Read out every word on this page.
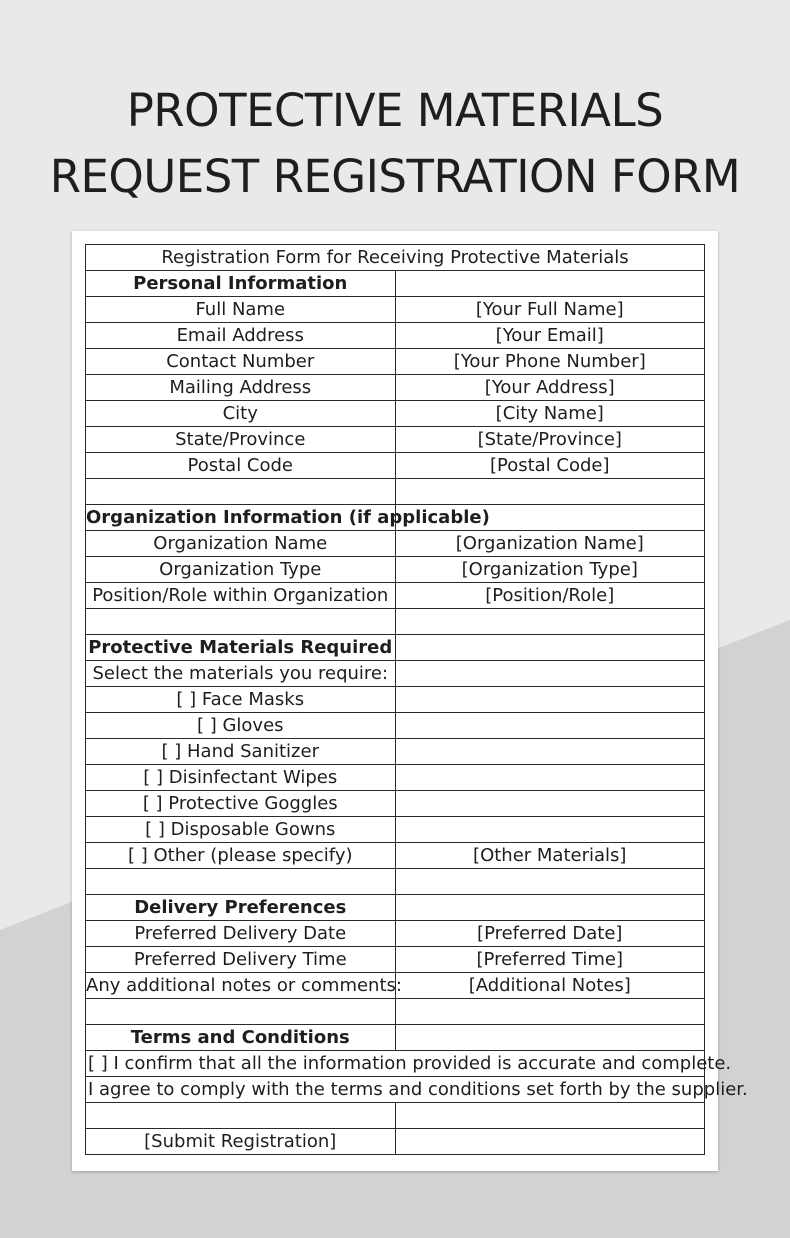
PROTECTIVE MATERIALS
REQUEST REGISTRATION FORM
Registration Form for Receiving Protective Materials	
Personal Information	
Full Name	[Your Full Name]
Email Address	[Your Email]
Contact Number	[Your Phone Number]
Mailing Address	[Your Address]
City	[City Name]
State/Province	[State/Province]
Postal Code	[Postal Code]

Organization Information (if applicable)	
Organization Name	[Organization Name]
Organization Type	[Organization Type]
Position/Role within Organization	[Position/Role]

Protective Materials Required	
Select the materials you require:	
[ ] Face Masks	
[ ] Gloves	
[ ] Hand Sanitizer	
[ ] Disinfectant Wipes	
[ ] Protective Goggles	
[ ] Disposable Gowns	
[ ] Other (please specify)	[Other Materials]

Delivery Preferences	
Preferred Delivery Date	[Preferred Date]
Preferred Delivery Time	[Preferred Time]
Any additional notes or comments:	[Additional Notes]

Terms and Conditions	
[ ] I confirm that all the information provided is accurate and complete.	
I agree to comply with the terms and conditions set forth by the supplier.	

[Submit Registration]	
